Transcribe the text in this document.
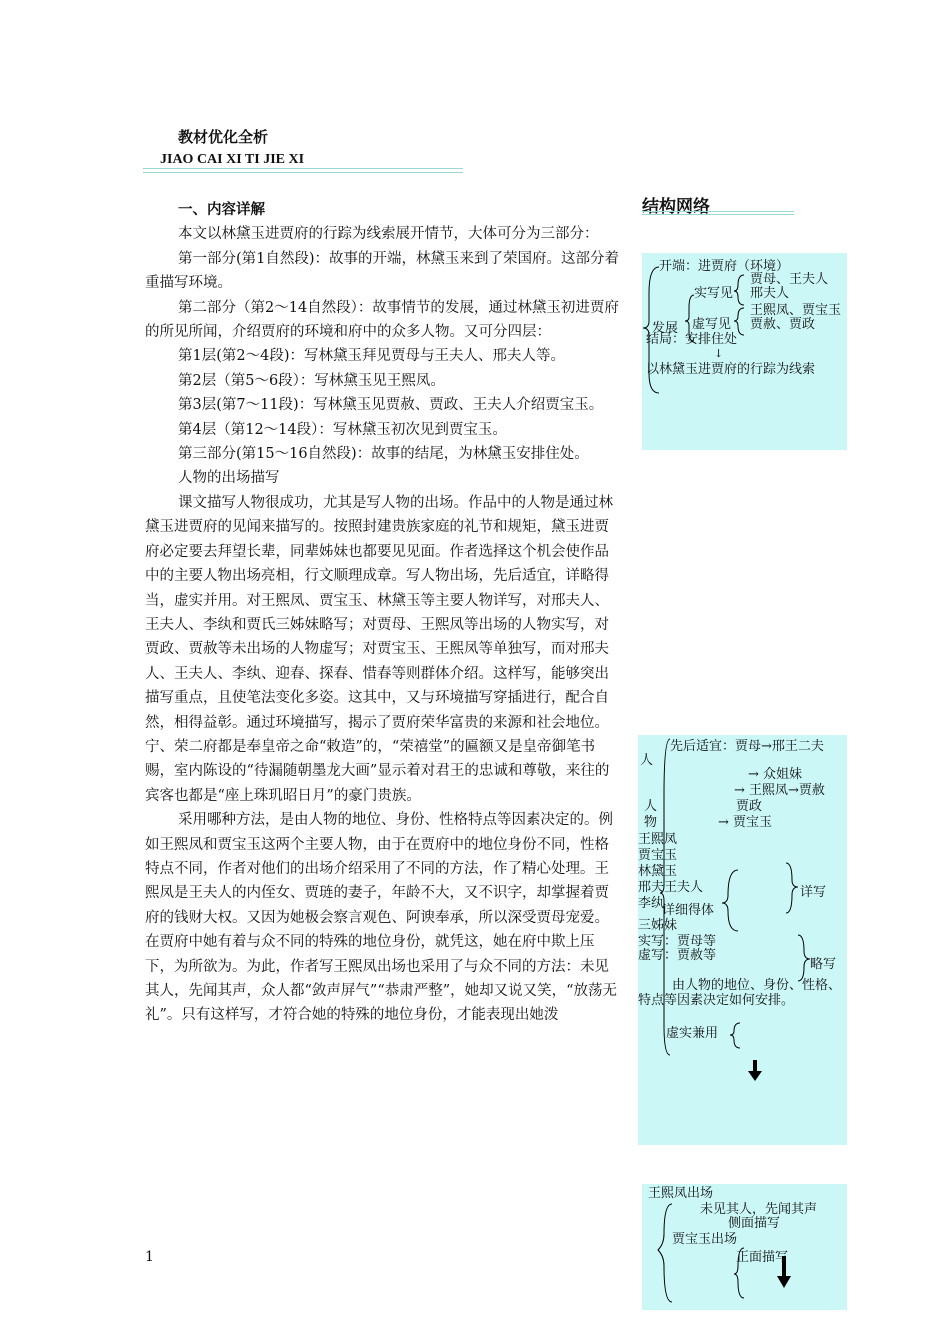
教材优化全析
JIAO CAI XI TI JIE XI

一、内容详解

本文以林黛玉进贾府的行踪为线索展开情节，大体可分为三部分：

第一部分(第1自然段)：故事的开端，林黛玉来到了荣国府。这部分着重描写环境。

第二部分（第2～14自然段）：故事情节的发展，通过林黛玉初进贾府的所见所闻，介绍贾府的环境和府中的众多人物。又可分四层：

第1层(第2～4段)：写林黛玉拜见贾母与王夫人、邢夫人等。

第2层（第5～6段）：写林黛玉见王熙凤。

第3层(第7～11段)：写林黛玉见贾赦、贾政、王夫人介绍贾宝玉。

第4层（第12～14段）：写林黛玉初次见到贾宝玉。

第三部分(第15～16自然段)：故事的结尾，为林黛玉安排住处。

人物的出场描写

课文描写人物很成功，尤其是写人物的出场。作品中的人物是通过林黛玉进贾府的见闻来描写的。按照封建贵族家庭的礼节和规矩，黛玉进贾府必定要去拜望长辈，同辈姊妹也都要见见面。作者选择这个机会使作品中的主要人物出场亮相，行文顺理成章。写人物出场，先后适宜，详略得当，虚实并用。对王熙凤、贾宝玉、林黛玉等主要人物详写，对邢夫人、王夫人、李纨和贾氏三姊妹略写；对贾母、王熙凤等出场的人物实写，对贾政、贾赦等未出场的人物虚写；对贾宝玉、王熙凤等单独写，而对邢夫人、王夫人、李纨、迎春、探春、惜春等则群体介绍。这样写，能够突出描写重点，且使笔法变化多姿。这其中，又与环境描写穿插进行，配合自然，相得益彰。通过环境描写，揭示了贾府荣华富贵的来源和社会地位。宁、荣二府都是奉皇帝之命“敕造”的，“荣禧堂”的匾额又是皇帝御笔书赐，室内陈设的“待漏随朝墨龙大画”显示着对君王的忠诚和尊敬，来往的宾客也都是“座上珠玑昭日月”的豪门贵族。

采用哪种方法，是由人物的地位、身份、性格特点等因素决定的。例如王熙凤和贾宝玉这两个主要人物，由于在贾府中的地位身份不同，性格特点不同，作者对他们的出场介绍采用了不同的方法，作了精心处理。王熙凤是王夫人的内侄女、贾琏的妻子，年龄不大，又不识字，却掌握着贾府的钱财大权。又因为她极会察言观色、阿谀奉承，所以深受贾母宠爱。在贾府中她有着与众不同的特殊的地位身份，就凭这，她在府中欺上压下，为所欲为。为此，作者写王熙凤出场也采用了与众不同的方法：未见其人，先闻其声，众人都“敛声屏气”“恭肃严整”，她却又说又笑，“放荡无礼”。只有这样写，才符合她的特殊的地位身份，才能表现出她泼

1
结构网络
开端：进贾府（环境）
贾母、王夫人
实写见 邢夫人
王熙凤、贾宝玉
发展 虚写见 贾赦、贾政
结局：安排住处
↓
以林黛玉进贾府的行踪为线索
先后适宜：贾母→邢王二夫
人
→ 众姐妹
→ 王熙凤→贾赦
贾政
人
物	→ 贾宝玉
王熙凤
贾宝玉
林黛玉
邢夫王夫人
李纨
详细得体
三姊妹
详写
实写：贾母等
虚写：贾赦等
略写
由人物的地位、身份、性格、
特点等因素决定如何安排。
虚实兼用
王熙凤出场
未见其人，先闻其声
侧面描写
贾宝玉出场
正面描写
